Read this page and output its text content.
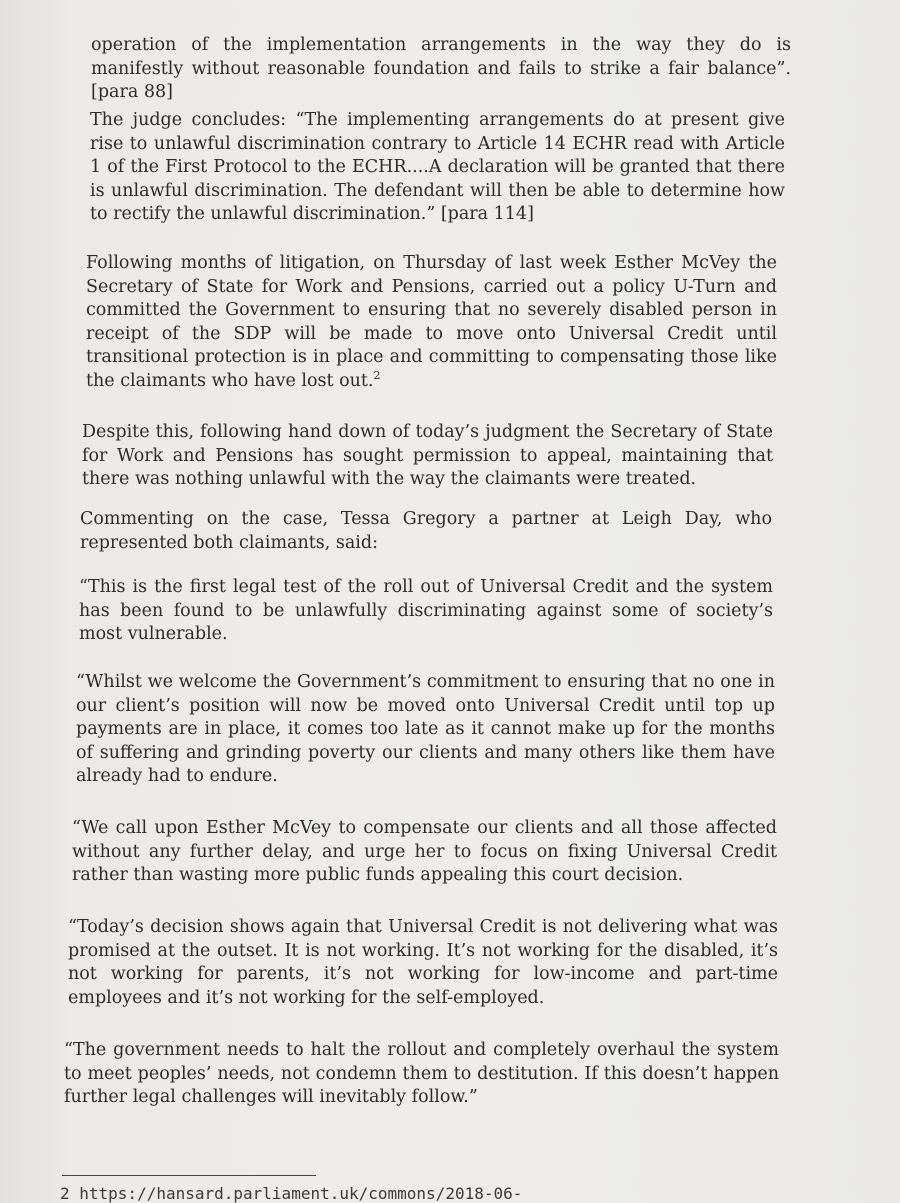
operation of the implementation arrangements in the way they do is manifestly without reasonable foundation and fails to strike a fair balance”. [para 88]

The judge concludes: “The implementing arrangements do at present give rise to unlawful discrimination contrary to Article 14 ECHR read with Article 1 of the First Protocol to the ECHR....A declaration will be granted that there is unlawful discrimination. The defendant will then be able to determine how to rectify the unlawful discrimination.” [para 114]

Following months of litigation, on Thursday of last week Esther McVey the Secretary of State for Work and Pensions, carried out a policy U-Turn and committed the Government to ensuring that no severely disabled person in receipt of the SDP will be made to move onto Universal Credit until transitional protection is in place and committing to compensating those like the claimants who have lost out.$^2$

Despite this, following hand down of today’s judgment the Secretary of State for Work and Pensions has sought permission to appeal, maintaining that there was nothing unlawful with the way the claimants were treated.

Commenting on the case, Tessa Gregory a partner at Leigh Day, who represented both claimants, said:

“This is the first legal test of the roll out of Universal Credit and the system has been found to be unlawfully discriminating against some of society’s most vulnerable.

“Whilst we welcome the Government’s commitment to ensuring that no one in our client’s position will now be moved onto Universal Credit until top up payments are in place, it comes too late as it cannot make up for the months of suffering and grinding poverty our clients and many others like them have already had to endure.

“We call upon Esther McVey to compensate our clients and all those affected without any further delay, and urge her to focus on fixing Universal Credit rather than wasting more public funds appealing this court decision.

“Today’s decision shows again that Universal Credit is not delivering what was promised at the outset. It is not working. It’s not working for the disabled, it’s not working for parents, it’s not working for low-income and part-time employees and it’s not working for the self-employed.

“The government needs to halt the rollout and completely overhaul the system to meet peoples’ needs, not condemn them to destitution. If this doesn’t happen further legal challenges will inevitably follow.”

2 https://hansard.parliament.uk/commons/2018-06-
